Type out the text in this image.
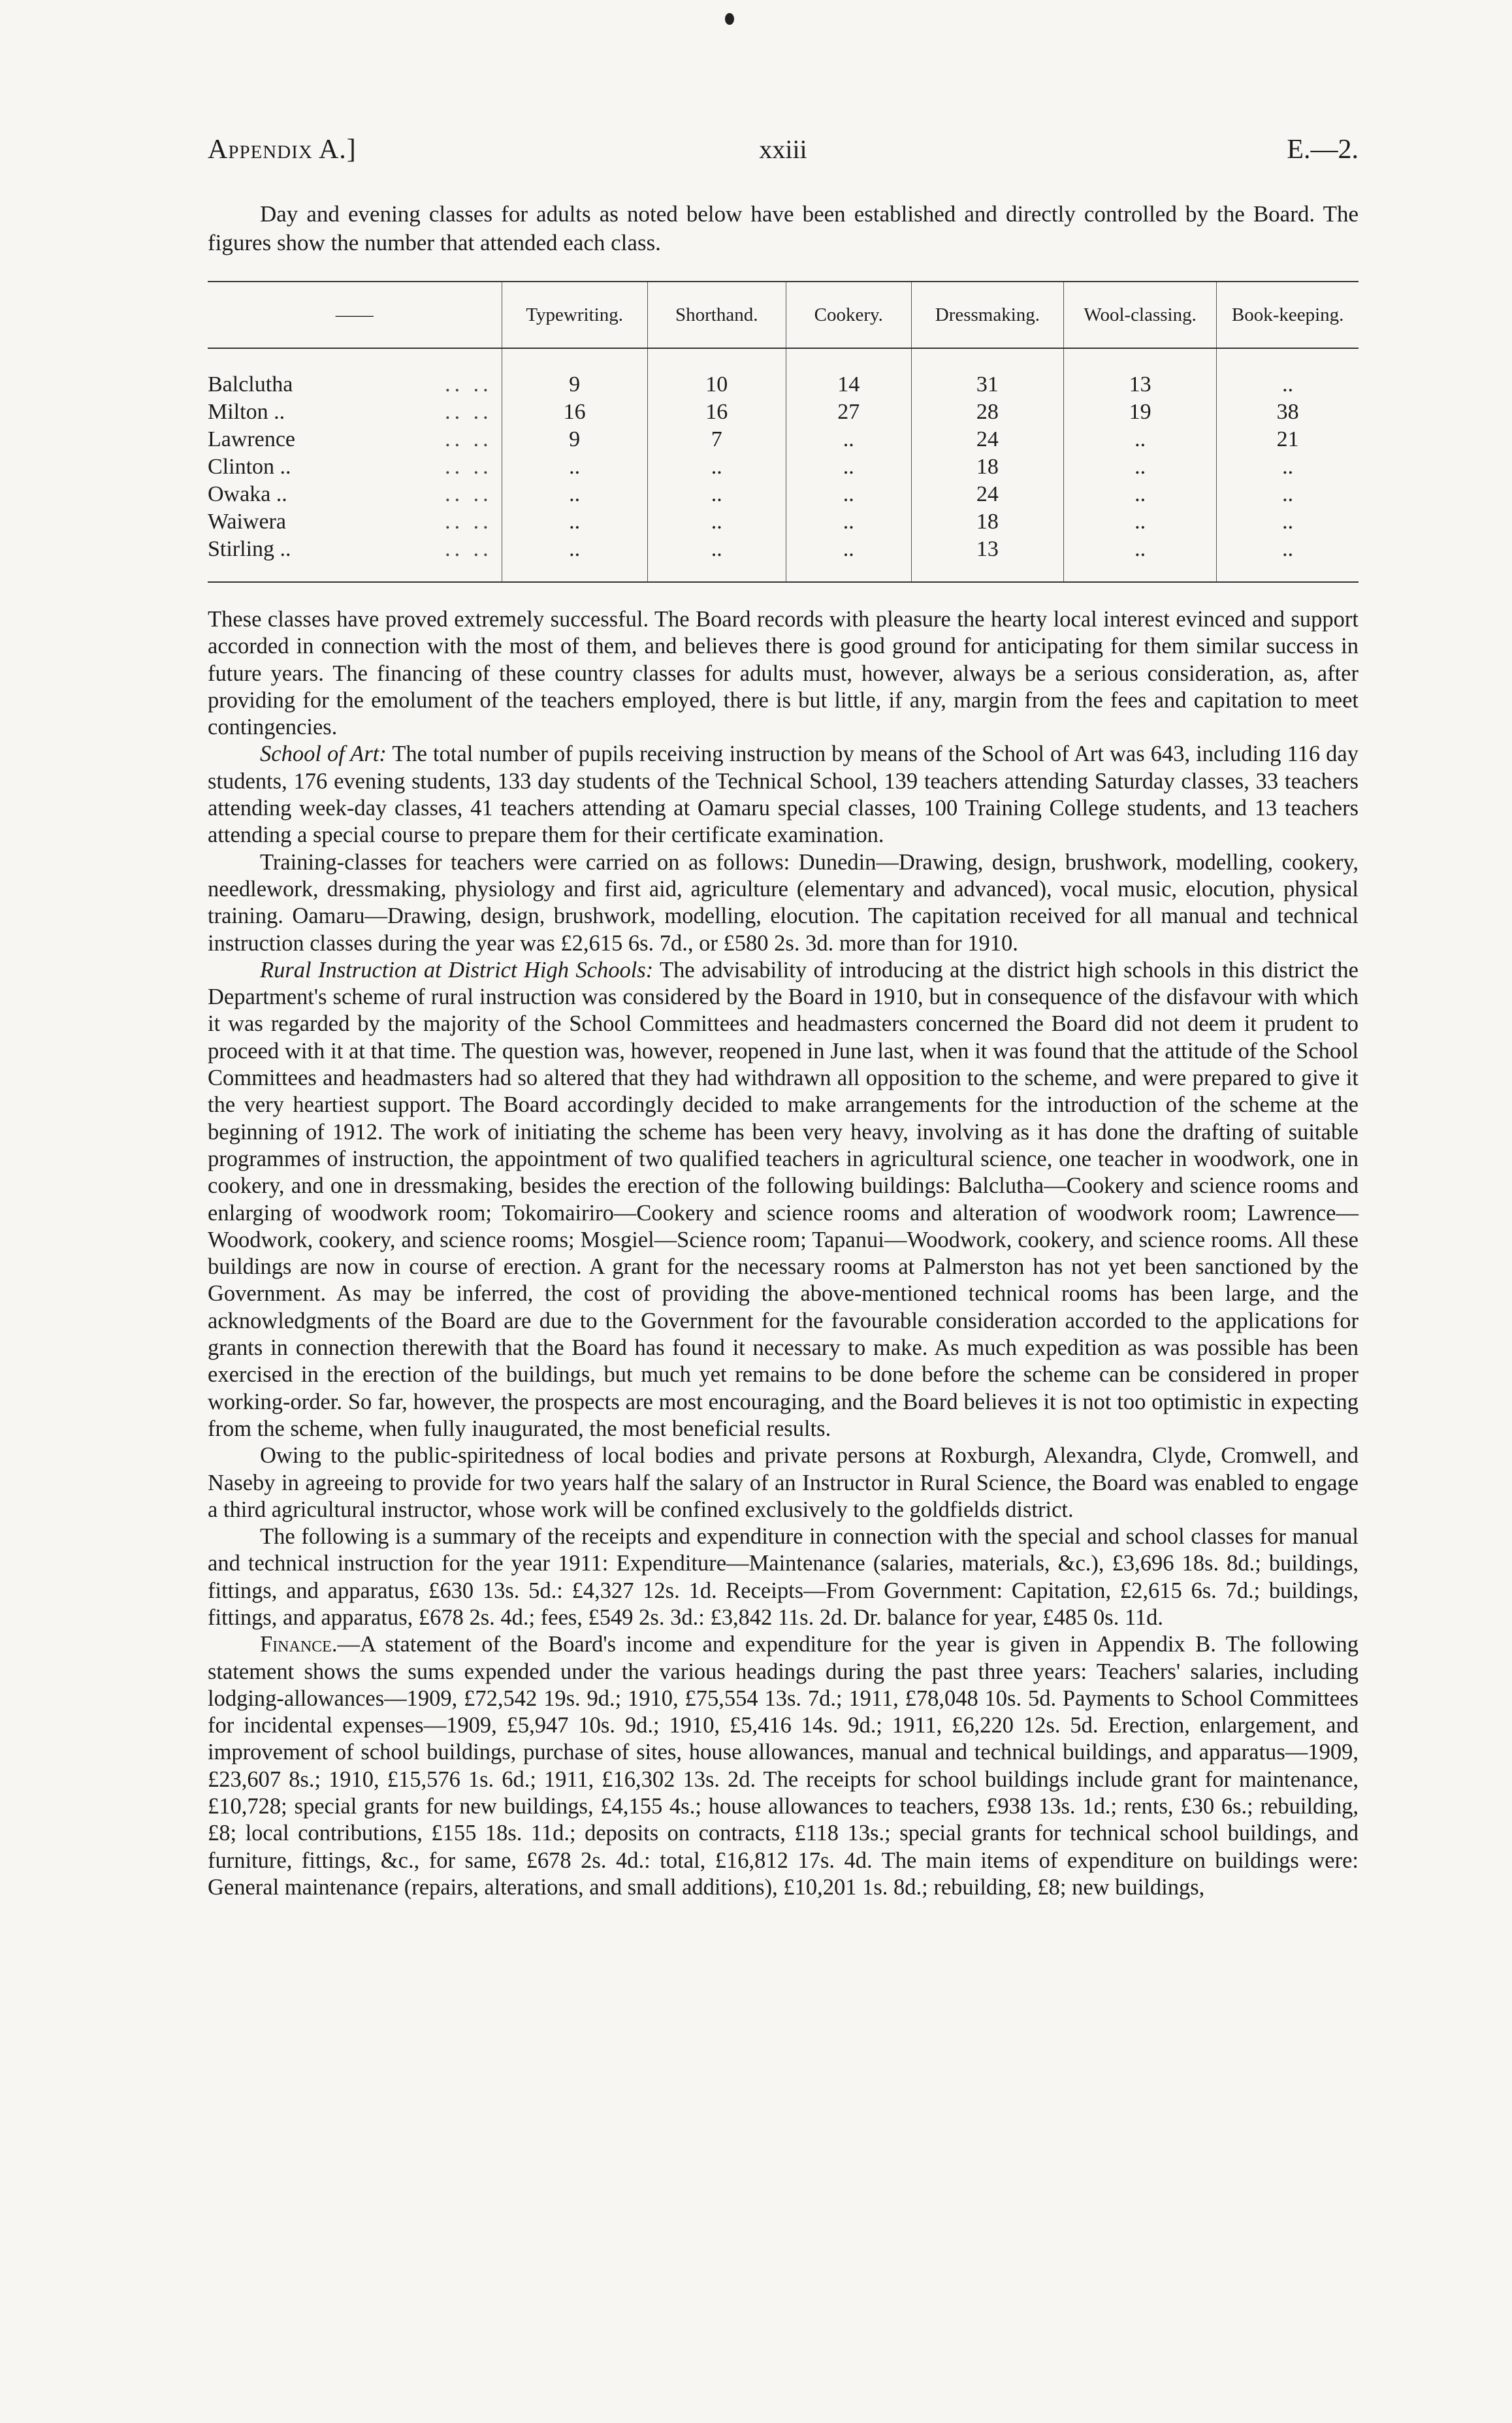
Appendix A.]	xxiii	E.—2.
Day and evening classes for adults as noted below have been established and directly controlled by the Board. The figures show the number that attended each class.
——	Typewriting.	Shorthand.	Cookery.	Dressmaking.	Wool-classing.	Book-keeping.
Balclutha .. ..	9	10	14	31	13	..
Milton .. .. ..	16	16	27	28	19	38
Lawrence .. ..	9	7	..	24	..	21
Clinton .. .. ..	..	..	..	18	..	..
Owaka .. .. ..	..	..	..	24	..	..
Waiwera .. ..	..	..	..	18	..	..
Stirling .. .. ..	..	..	..	13	..	..

These classes have proved extremely successful. The Board records with pleasure the hearty local interest evinced and support accorded in connection with the most of them, and believes there is good ground for anticipating for them similar success in future years. The financing of these country classes for adults must, however, always be a serious consideration, as, after providing for the emolument of the teachers employed, there is but little, if any, margin from the fees and capitation to meet contingencies.

School of Art: The total number of pupils receiving instruction by means of the School of Art was 643, including 116 day students, 176 evening students, 133 day students of the Technical School, 139 teachers attending Saturday classes, 33 teachers attending week-day classes, 41 teachers attending at Oamaru special classes, 100 Training College students, and 13 teachers attending a special course to prepare them for their certificate examination.

Training-classes for teachers were carried on as follows: Dunedin—Drawing, design, brushwork, modelling, cookery, needlework, dressmaking, physiology and first aid, agriculture (elementary and advanced), vocal music, elocution, physical training. Oamaru—Drawing, design, brushwork, modelling, elocution. The capitation received for all manual and technical instruction classes during the year was £2,615 6s. 7d., or £580 2s. 3d. more than for 1910.

Rural Instruction at District High Schools: The advisability of introducing at the district high schools in this district the Department's scheme of rural instruction was considered by the Board in 1910, but in consequence of the disfavour with which it was regarded by the majority of the School Committees and headmasters concerned the Board did not deem it prudent to proceed with it at that time. The question was, however, reopened in June last, when it was found that the attitude of the School Committees and headmasters had so altered that they had withdrawn all opposition to the scheme, and were prepared to give it the very heartiest support. The Board accordingly decided to make arrangements for the introduction of the scheme at the beginning of 1912. The work of initiating the scheme has been very heavy, involving as it has done the drafting of suitable programmes of instruction, the appointment of two qualified teachers in agricultural science, one teacher in woodwork, one in cookery, and one in dressmaking, besides the erection of the following buildings: Balclutha—Cookery and science rooms and enlarging of woodwork room; Tokomairiro—Cookery and science rooms and alteration of woodwork room; Lawrence—Woodwork, cookery, and science rooms; Mosgiel—Science room; Tapanui—Woodwork, cookery, and science rooms. All these buildings are now in course of erection. A grant for the necessary rooms at Palmerston has not yet been sanctioned by the Government. As may be inferred, the cost of providing the above-mentioned technical rooms has been large, and the acknowledgments of the Board are due to the Government for the favourable consideration accorded to the applications for grants in connection therewith that the Board has found it necessary to make. As much expedition as was possible has been exercised in the erection of the buildings, but much yet remains to be done before the scheme can be considered in proper working-order. So far, however, the prospects are most encouraging, and the Board believes it is not too optimistic in expecting from the scheme, when fully inaugurated, the most beneficial results.

Owing to the public-spiritedness of local bodies and private persons at Roxburgh, Alexandra, Clyde, Cromwell, and Naseby in agreeing to provide for two years half the salary of an Instructor in Rural Science, the Board was enabled to engage a third agricultural instructor, whose work will be confined exclusively to the goldfields district.

The following is a summary of the receipts and expenditure in connection with the special and school classes for manual and technical instruction for the year 1911: Expenditure—Maintenance (salaries, materials, &c.), £3,696 18s. 8d.; buildings, fittings, and apparatus, £630 13s. 5d.: £4,327 12s. 1d. Receipts—From Government: Capitation, £2,615 6s. 7d.; buildings, fittings, and apparatus, £678 2s. 4d.; fees, £549 2s. 3d.: £3,842 11s. 2d. Dr. balance for year, £485 0s. 11d.

Finance.—A statement of the Board's income and expenditure for the year is given in Appendix B. The following statement shows the sums expended under the various headings during the past three years: Teachers' salaries, including lodging-allowances—1909, £72,542 19s. 9d.; 1910, £75,554 13s. 7d.; 1911, £78,048 10s. 5d. Payments to School Committees for incidental expenses—1909, £5,947 10s. 9d.; 1910, £5,416 14s. 9d.; 1911, £6,220 12s. 5d. Erection, enlargement, and improvement of school buildings, purchase of sites, house allowances, manual and technical buildings, and apparatus—1909, £23,607 8s.; 1910, £15,576 1s. 6d.; 1911, £16,302 13s. 2d. The receipts for school buildings include grant for maintenance, £10,728; special grants for new buildings, £4,155 4s.; house allowances to teachers, £938 13s. 1d.; rents, £30 6s.; rebuilding, £8; local contributions, £155 18s. 11d.; deposits on contracts, £118 13s.; special grants for technical school buildings, and furniture, fittings, &c., for same, £678 2s. 4d.: total, £16,812 17s. 4d. The main items of expenditure on buildings were: General maintenance (repairs, alterations, and small additions), £10,201 1s. 8d.; rebuilding, £8; new buildings,
